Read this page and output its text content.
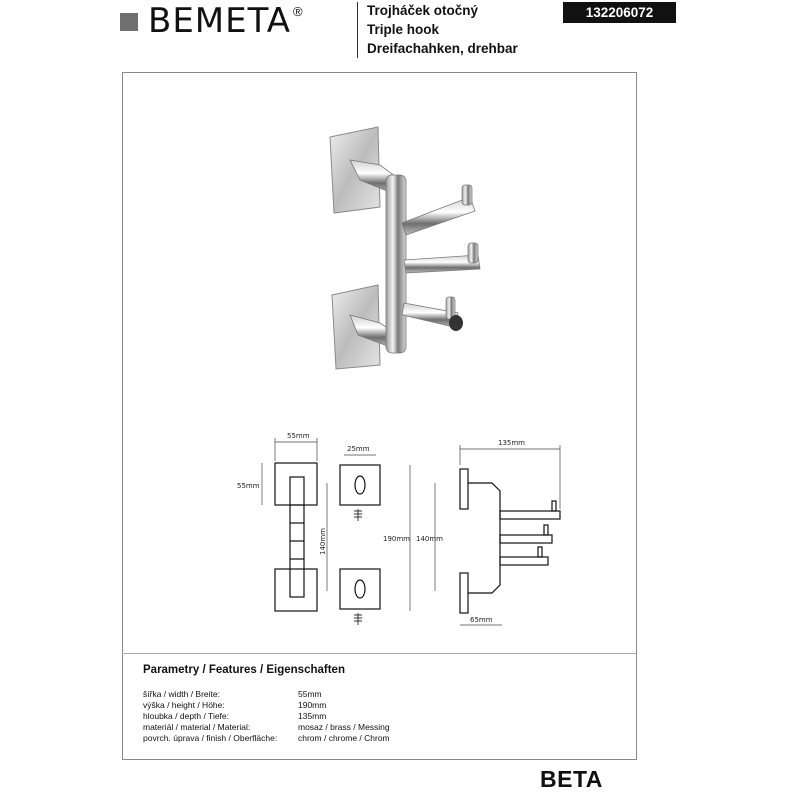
BEMETA ®	Trojháček otočný
Triple hook
Dreifachahken, drehbar
132206072
55mm
25mm
135mm
55mm
140mm	190mm 140mm
65mm
Parametry / Features / Eigenschaften
šířka / width / Breite:	55mm
výška / height / Höhe:	190mm
hloubka / depth / Tiefe:	135mm
materiál / material / Material:	mosaz / brass / Messing
povrch. úprava / finish / Oberfläche:	chrom / chrome / Chrom
BETA
